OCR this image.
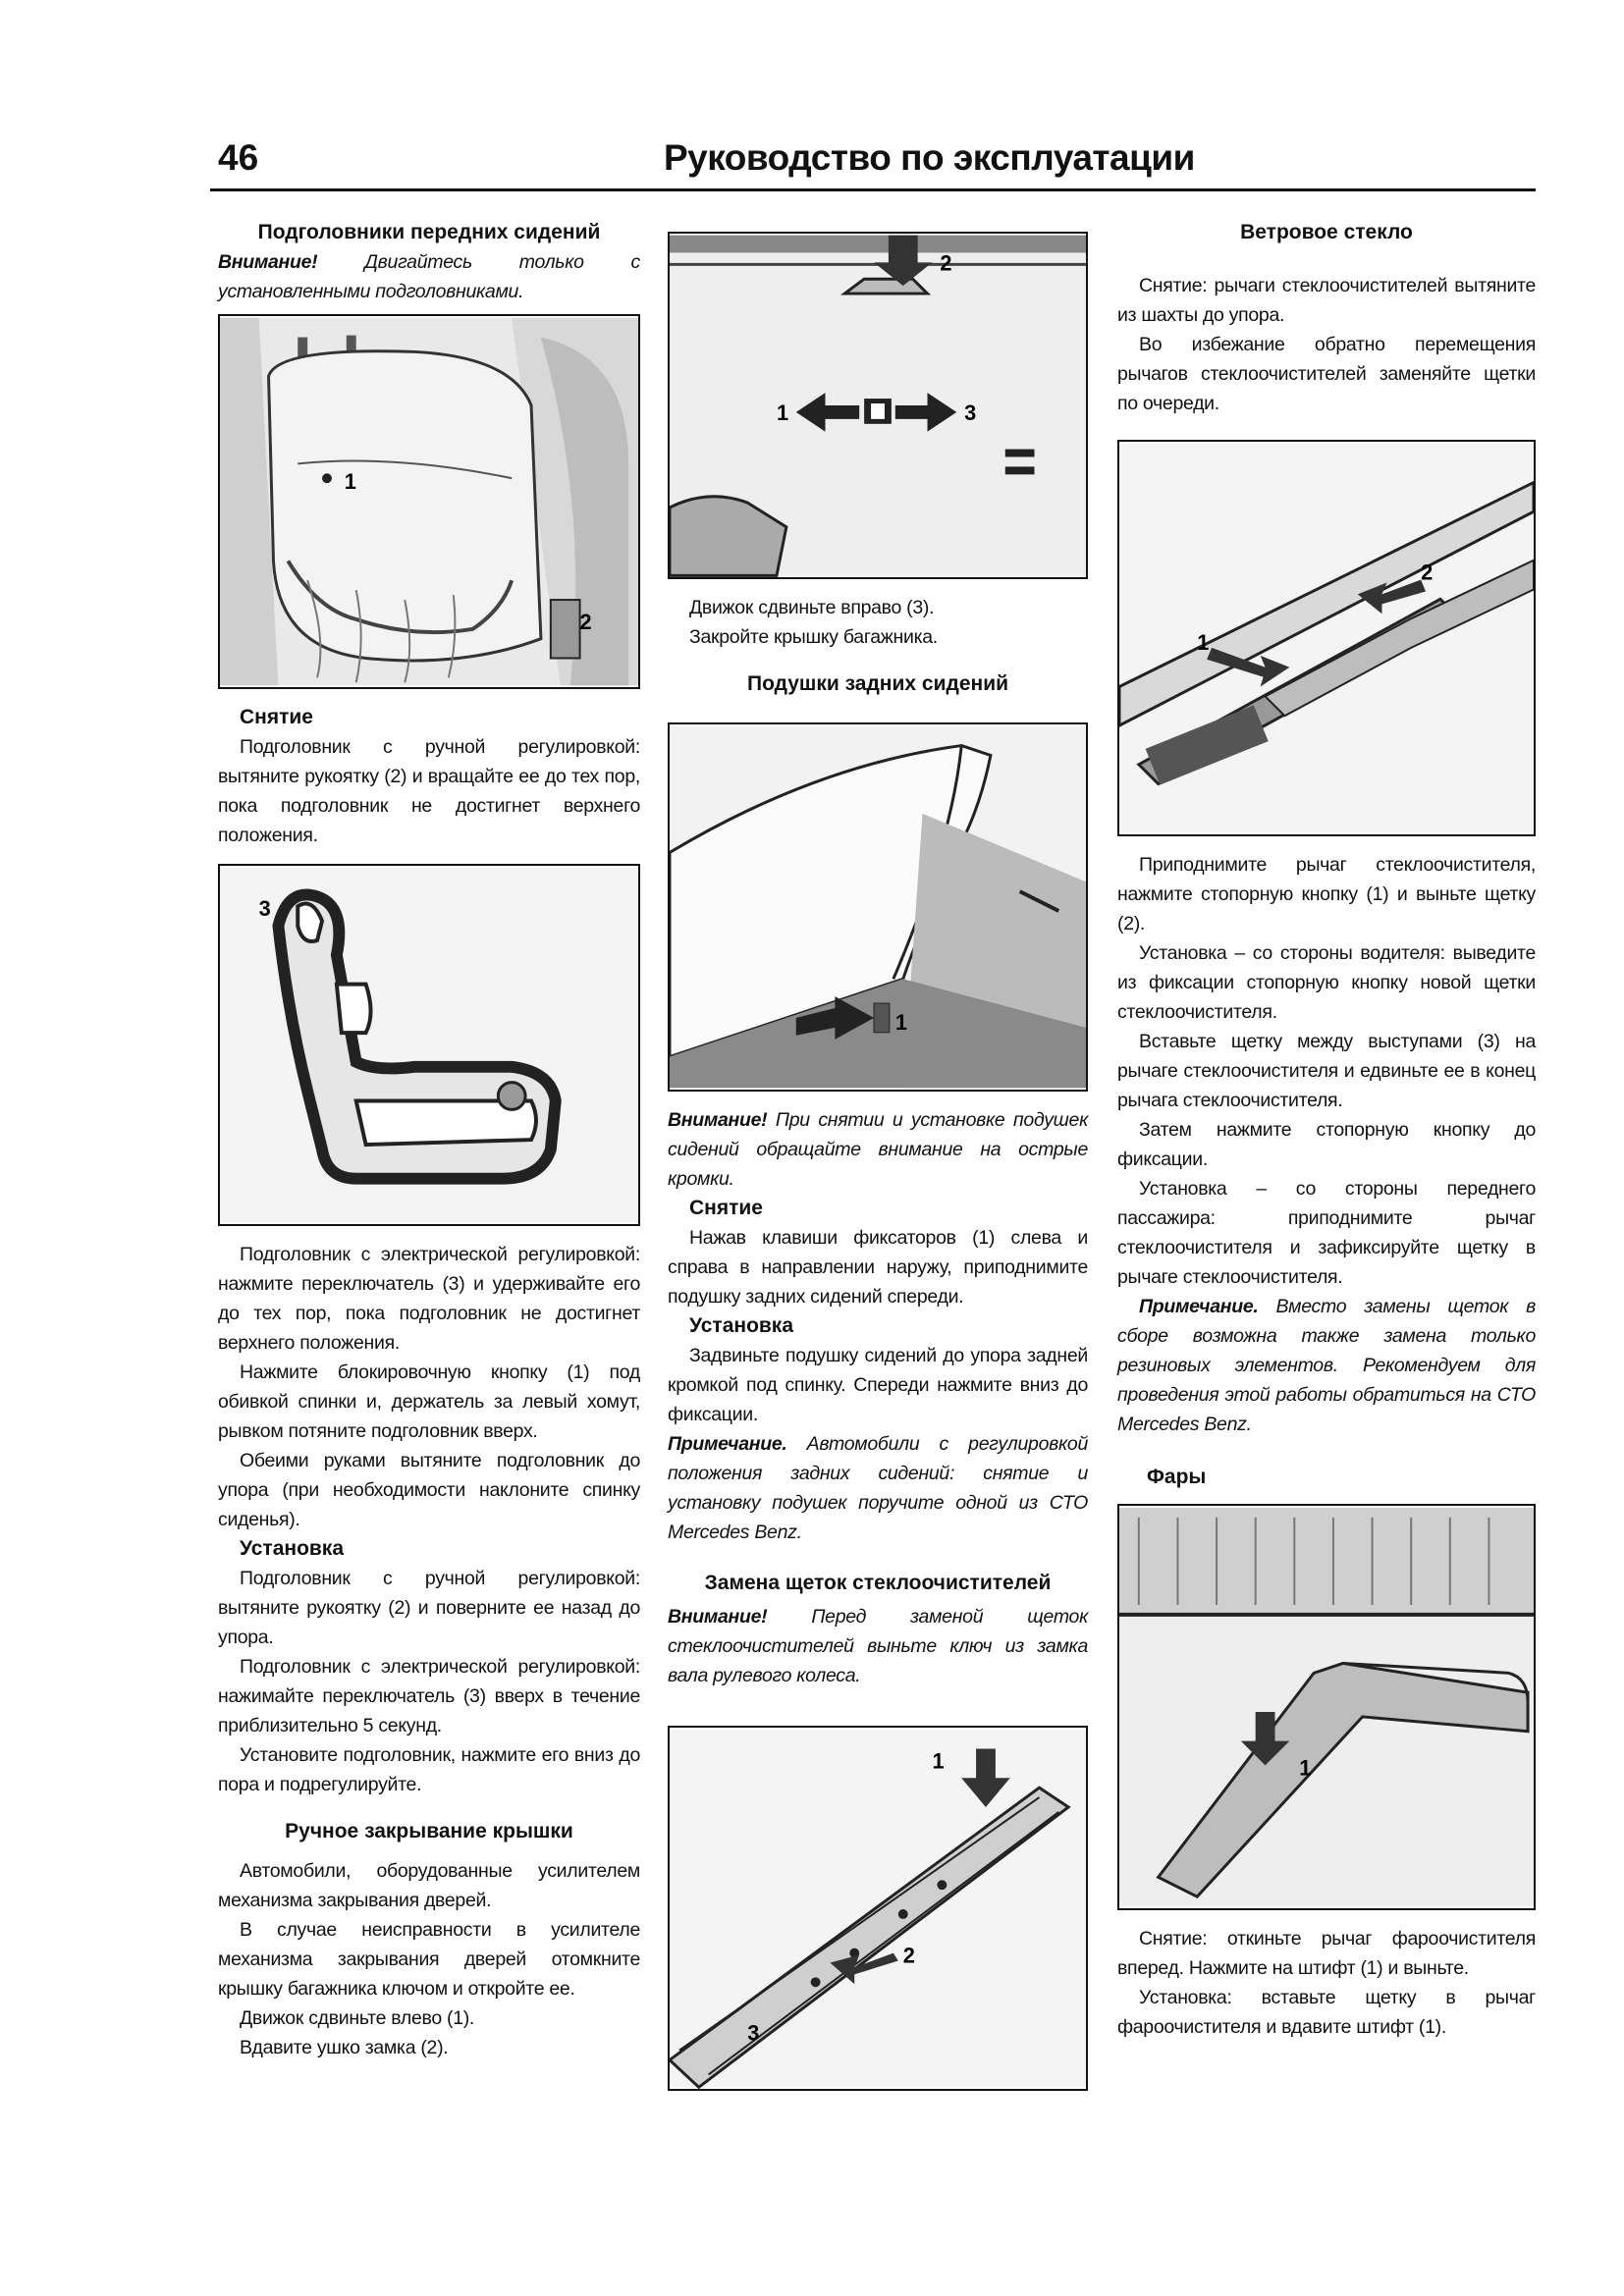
46	Руководство по эксплуатации
Подголовники передних сидений

Внимание! Двигайтесь только с установленными подголовниками.

1
2
Снятие

Подголовник с ручной регулировкой: вытяните рукоятку (2) и вращайте ее до тех пор, пока подголовник не достигнет верхнего положения.

3

Подголовник с электрической регулировкой: нажмите переключатель (3) и удерживайте его до тех пор, пока подголовник не достигнет верхнего положения.

Нажмите блокировочную кнопку (1) под обивкой спинки и, держатель за левый хомут, рывком потяните подголовник вверх.

Обеими руками вытяните подголовник до упора (при необходимости наклоните спинку сиденья).

Установка

Подголовник с ручной регулировкой: вытяните рукоятку (2) и поверните ее назад до упора.

Подголовник с электрической регулировкой: нажимайте переключатель (3) вверх в течение приблизительно 5 секунд.

Установите подголовник, нажмите его вниз до пора и подрегулируйте.

Ручное закрывание крышки

Автомобили, оборудованные усилителем механизма закрывания дверей.

В случае неисправности в усилителе механизма закрывания дверей отомкните крышку багажника ключом и откройте ее.

Движок сдвиньте влево (1).

Вдавите ушко замка (2).

2
1	3

Движок сдвиньте вправо (3).

Закройте крышку багажника.

Подушки задних сидений
1

Внимание! При снятии и установке подушек сидений обращайте внимание на острые кромки.

Снятие

Нажав клавиши фиксаторов (1) слева и справа в направлении наружу, приподнимите подушку задних сидений спереди.

Установка

Задвиньте подушку сидений до упора задней кромкой под спинку. Спереди нажмите вниз до фиксации.

Примечание. Автомобили с регулировкой положения задних сидений: снятие и установку подушек поручите одной из СТО Mercedes Benz.

Замена щеток стеклоочистителей

Внимание! Перед заменой щеток стеклоочистителей выньте ключ из замка вала рулевого колеса.

1
2
3
Ветровое стекло

Снятие: рычаги стеклоочистителей вытяните из шахты до упора.

Во избежание обратно перемещения рычагов стеклоочистителей заменяйте щетки по очереди.

2
1

Приподнимите рычаг стеклоочистителя, нажмите стопорную кнопку (1) и выньте щетку (2).

Установка – со стороны водителя: выведите из фиксации стопорную кнопку новой щетки стеклоочистителя.

Вставьте щетку между выступами (3) на рычаге стеклоочистителя и едвиньте ее в конец рычага стеклоочистителя.

Затем нажмите стопорную кнопку до фиксации.

Установка – со стороны переднего пассажира: приподнимите рычаг стеклоочистителя и зафиксируйте щетку в рычаге стеклоочистителя.

Примечание. Вместо замены щеток в сборе возможна также замена только резиновых элементов. Рекомендуем для проведения этой работы обратиться на СТО Mercedes Benz.

Фары
1

Снятие: откиньте рычаг фароочистителя вперед. Нажмите на штифт (1) и выньте.

Установка: вставьте щетку в рычаг фароочистителя и вдавите штифт (1).
